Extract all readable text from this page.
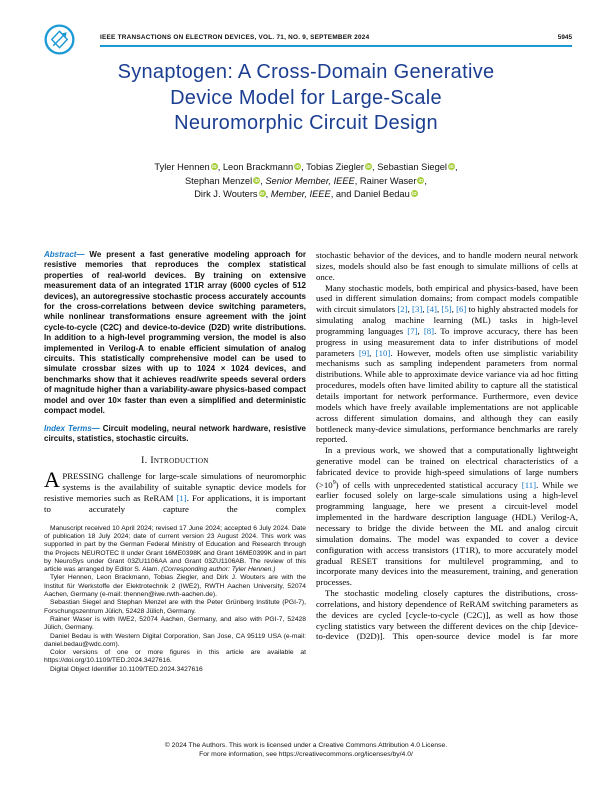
IEEE TRANSACTIONS ON ELECTRON DEVICES, VOL. 71, NO. 9, SEPTEMBER 2024	5945
Synaptogen: A Cross-Domain Generative
Device Model for Large-Scale
Neuromorphic Circuit Design
Tyler Hennen iD, Leon Brackmann iD, Tobias Ziegler iD, Sebastian Siegel iD,
Stephan Menzel iD, Senior Member, IEEE, Rainer Waser iD,
Dirk J. Wouters iD, Member, IEEE, and Daniel Bedau iD

Abstract— We present a fast generative modeling approach for resistive memories that reproduces the complex statistical properties of real-world devices. By training on extensive measurement data of an integrated 1T1R array (6000 cycles of 512 devices), an autoregressive stochastic process accurately accounts for the cross-correlations between device switching parameters, while nonlinear transformations ensure agreement with the joint cycle-to-cycle (C2C) and device-to-device (D2D) write distributions. In addition to a high-level programming version, the model is also implemented in Verilog-A to enable efficient simulation of analog circuits. This statistically comprehensive model can be used to simulate crossbar sizes with up to 1024 × 1024 devices, and benchmarks show that it achieves read/write speeds several orders of magnitude higher than a variability-aware physics-based compact model and over 10× faster than even a simplified and deterministic compact model.

Index Terms— Circuit modeling, neural network hardware, resistive circuits, statistics, stochastic circuits.

I. Introduction

APRESSING challenge for large-scale simulations of neuromorphic systems is the availability of suitable synaptic device models for resistive memories such as ReRAM [1]. For applications, it is important to accurately capture the complex

Manuscript received 10 April 2024; revised 17 June 2024; accepted 6 July 2024. Date of publication 18 July 2024; date of current version 23 August 2024. This work was supported in part by the German Federal Ministry of Education and Research through the Projects NEUROTEC II under Grant 16ME0398K and Grant 16ME0399K and in part by NeuroSys under Grant 03ZU1106AA and Grant 03ZU1106AB. The review of this article was arranged by Editor S. Alam. (Corresponding author: Tyler Hennen.)

Tyler Hennen, Leon Brackmann, Tobias Ziegler, and Dirk J. Wouters are with the Institut für Werkstoffe der Elektrotechnik 2 (IWE2), RWTH Aachen University, 52074 Aachen, Germany (e-mail: thennen@iwe.rwth-aachen.de).

Sebastian Siegel and Stephan Menzel are with the Peter Grünberg Institute (PGI-7), Forschungszentrum Jülich, 52428 Jülich, Germany.

Rainer Waser is with IWE2, 52074 Aachen, Germany, and also with PGI-7, 52428 Jülich, Germany.

Daniel Bedau is with Western Digital Corporation, San Jose, CA 95119 USA (e-mail: daniel.bedau@wdc.com).

Color versions of one or more figures in this article are available at https://doi.org/10.1109/TED.2024.3427616.

Digital Object Identifier 10.1109/TED.2024.3427616

stochastic behavior of the devices, and to handle modern neural network sizes, models should also be fast enough to simulate millions of cells at once.

Many stochastic models, both empirical and physics-based, have been used in different simulation domains; from compact models compatible with circuit simulators [2], [3], [4], [5], [6] to highly abstracted models for simulating analog machine learning (ML) tasks in high-level programming languages [7], [8]. To improve accuracy, there has been progress in using measurement data to infer distributions of model parameters [9], [10]. However, models often use simplistic variability mechanisms such as sampling independent parameters from normal distributions. While able to approximate device variance via ad hoc fitting procedures, models often have limited ability to capture all the statistical details important for network performance. Furthermore, even device models which have freely available implementations are not applicable across different simulation domains, and although they can easily bottleneck many-device simulations, performance benchmarks are rarely reported.

In a previous work, we showed that a computationally lightweight generative model can be trained on electrical characteristics of a fabricated device to provide high-speed simulations of large numbers $(>10^9)$ of cells with unprecedented statistical accuracy [11]. While we earlier focused solely on large-scale simulations using a high-level programming language, here we present a circuit-level model implemented in the hardware description language (HDL) Verilog-A, necessary to bridge the divide between the ML and analog circuit simulation domains. The model was expanded to cover a device configuration with access transistors (1T1R), to more accurately model gradual RESET transitions for multilevel programming, and to incorporate many devices into the measurement, training, and generation processes.

The stochastic modeling closely captures the distributions, cross-correlations, and history dependence of ReRAM switching parameters as the devices are cycled [cycle-to-cycle (C2C)], as well as how those cycling statistics vary between the different devices on the chip [device-to-device (D2D)]. This open-source device model is far more

© 2024 The Authors. This work is licensed under a Creative Commons Attribution 4.0 License.
For more information, see https://creativecommons.org/licenses/by/4.0/
